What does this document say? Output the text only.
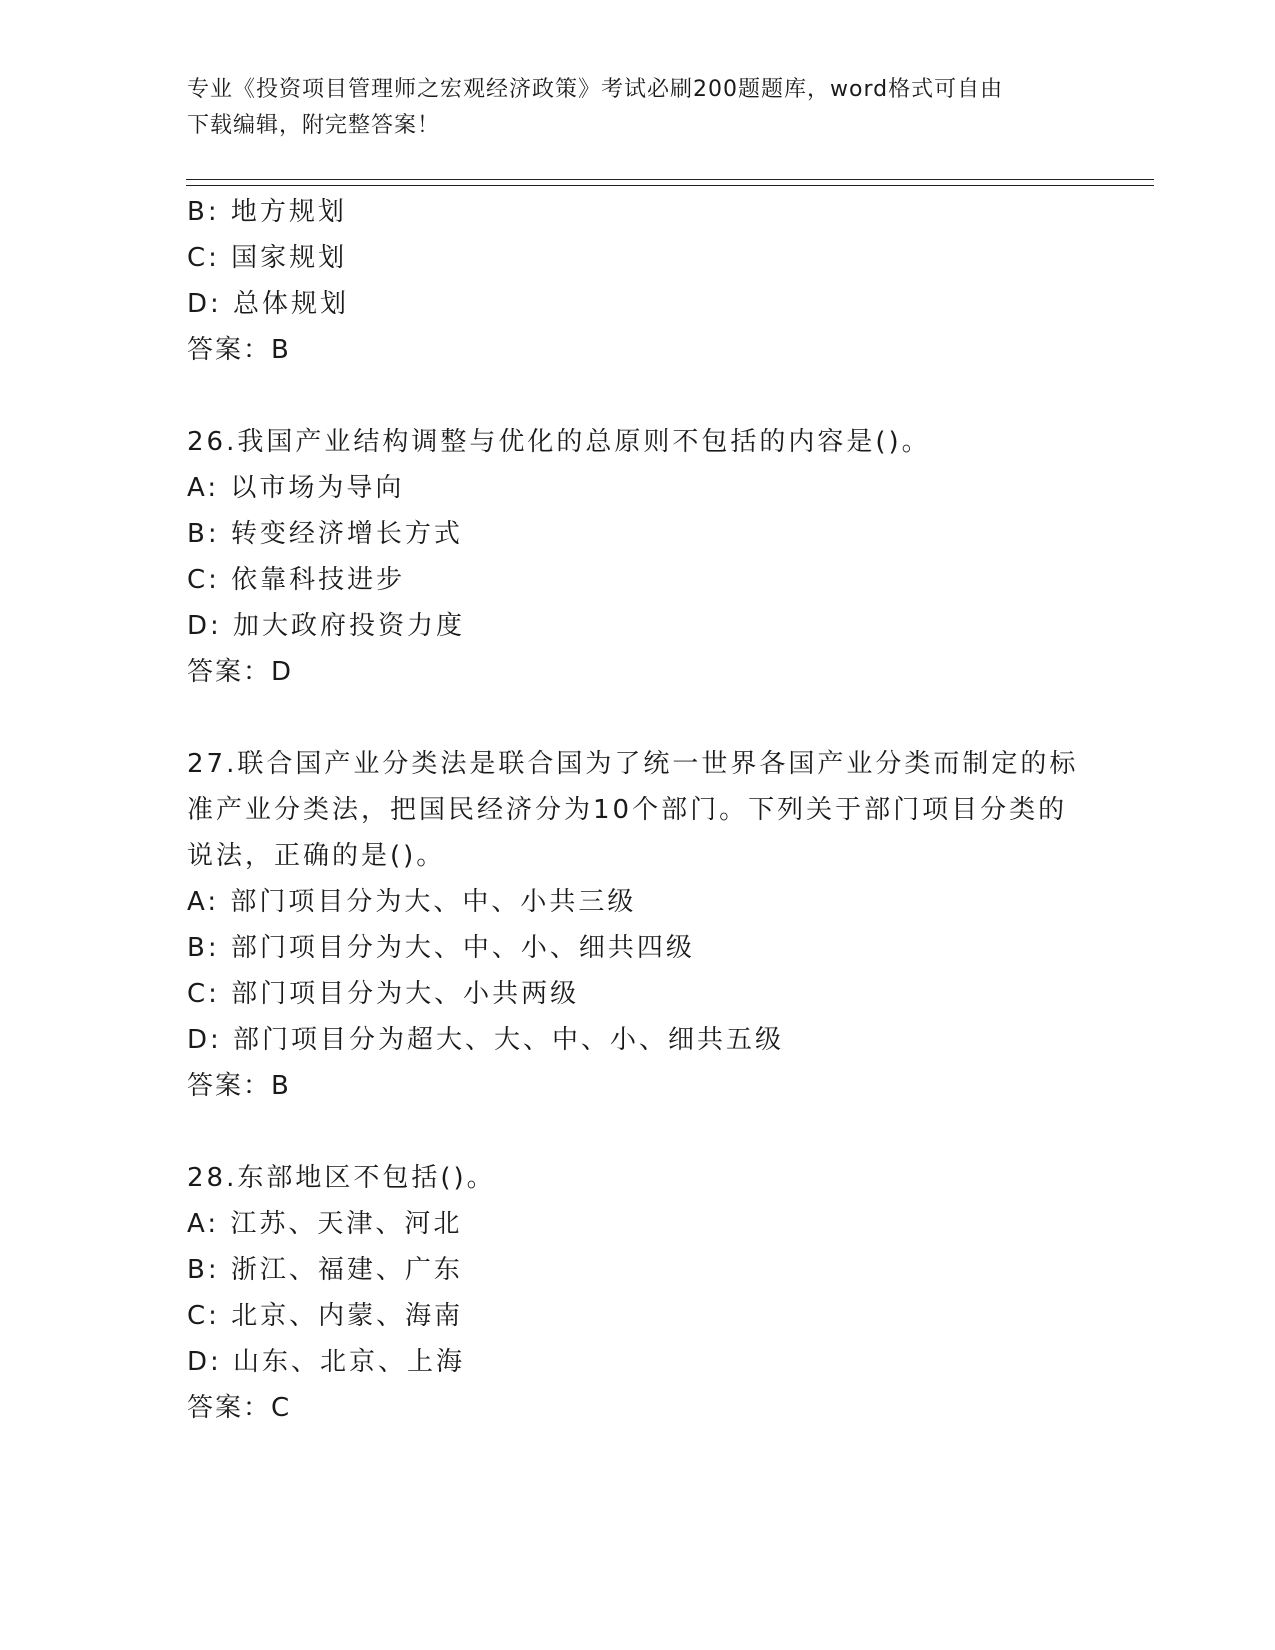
专业《投资项目管理师之宏观经济政策》考试必刷200题题库，word格式可自由
下载编辑，附完整答案！
B: 地方规划
C: 国家规划
D: 总体规划
答案：B
26.我国产业结构调整与优化的总原则不包括的内容是()。
A: 以市场为导向
B: 转变经济增长方式
C: 依靠科技进步
D: 加大政府投资力度
答案：D
27.联合国产业分类法是联合国为了统一世界各国产业分类而制定的标
准产业分类法，把国民经济分为10个部门。下列关于部门项目分类的
说法，正确的是()。
A: 部门项目分为大、中、小共三级
B: 部门项目分为大、中、小、细共四级
C: 部门项目分为大、小共两级
D: 部门项目分为超大、大、中、小、细共五级
答案：B
28.东部地区不包括()。
A: 江苏、天津、河北
B: 浙江、福建、广东
C: 北京、内蒙、海南
D: 山东、北京、上海
答案：C
